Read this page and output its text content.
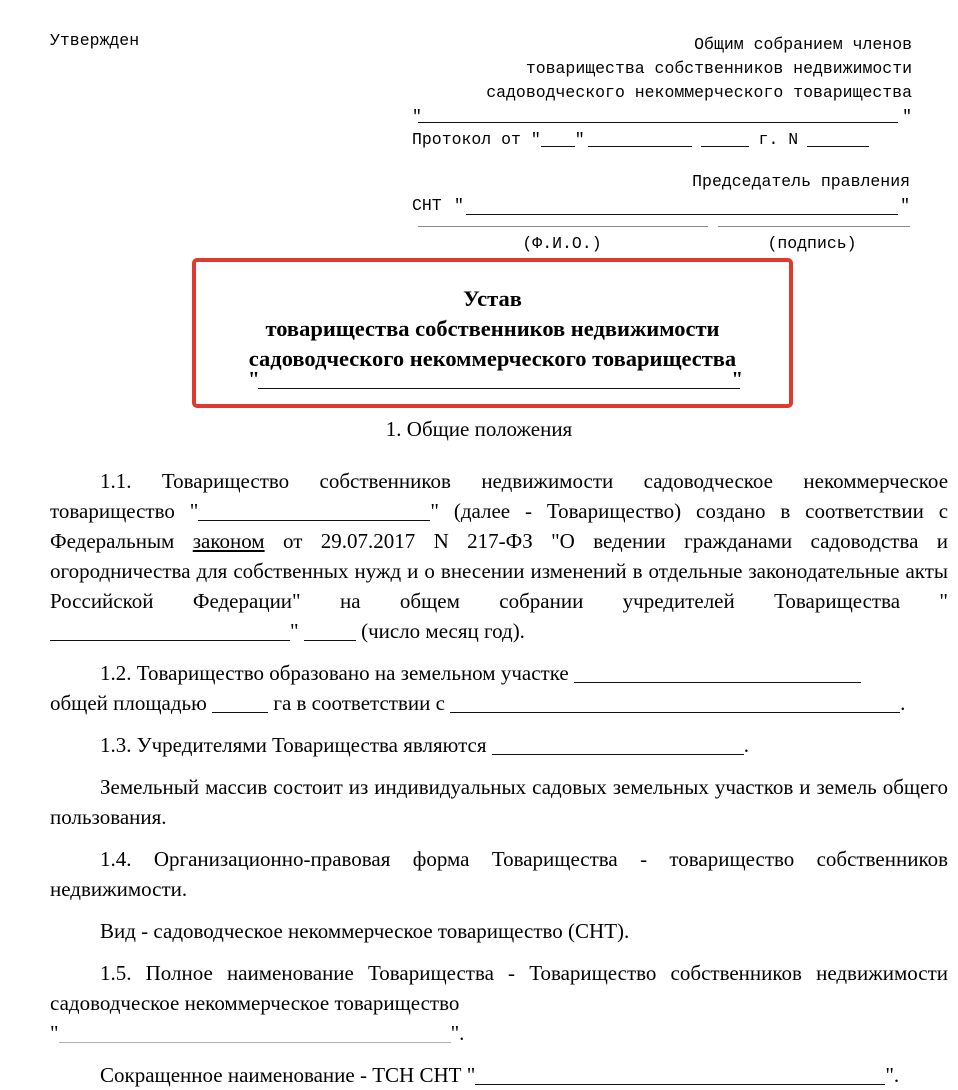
Утвержден	Общим собранием членов
товарищества собственников недвижимости
садоводческого некоммерческого товарищества
"	"
Протокол от " "	г. N
Председатель правления
СНТ	"
"
(Ф.И.О.)	(подпись)
Устав
товарищества собственников недвижимости
садоводческого некоммерческого товарищества
"	"
1. Общие положения

1.1. Товарищество собственников недвижимости садоводческое некоммерческое товарищество "	" (далее - Товарищество) создано в соответствии с Федеральным законом от 29.07.2017 N 217-ФЗ "О ведении гражданами садоводства и огородничества для собственных нужд и о внесении изменений в отдельные законодательные акты Российской Федерации" на общем собрании учредителей Товарищества ""	(число месяц год).

1.2. Товарищество образовано на земельном участке
общей площадью	га в соответствии с	.

1.3. Учредителями Товарищества являются	.

Земельный массив состоит из индивидуальных садовых земельных участков и земель общего пользования.

1.4. Организационно-правовая форма Товарищества - товарищество собственников недвижимости.

Вид - садоводческое некоммерческое товарищество (СНТ).

1.5. Полное наименование Товарищества - Товарищество собственников недвижимости садоводческое некоммерческое товарищество
"	".

Сокращенное наименование - ТСН СНТ "	".
